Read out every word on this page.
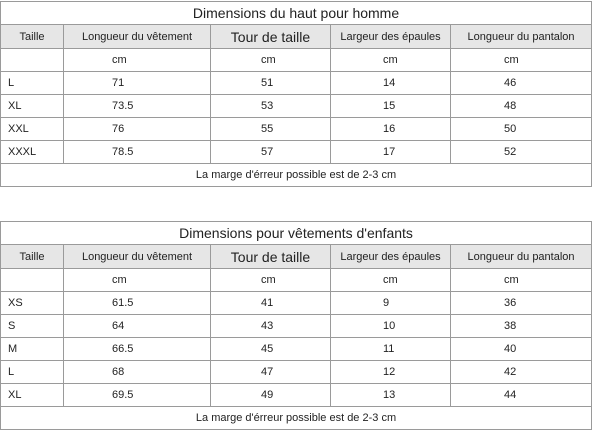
Dimensions du haut pour homme				
Taille	Longueur du vêtement	Tour de taille	Largeur des épaules	Longueur du pantalon
	cm	cm	cm	cm
L	71	51	14	46
XL	73.5	53	15	48
XXL	76	55	16	50
XXXL	78.5	57	17	52
La marge d'érreur possible est de 2-3 cm				
Dimensions pour vêtements d'enfants				
Taille	Longueur du vêtement	Tour de taille	Largeur des épaules	Longueur du pantalon
	cm	cm	cm	cm
XS	61.5	41	9	36
S	64	43	10	38
M	66.5	45	11	40
L	68	47	12	42
XL	69.5	49	13	44
La marge d'érreur possible est de 2-3 cm				
